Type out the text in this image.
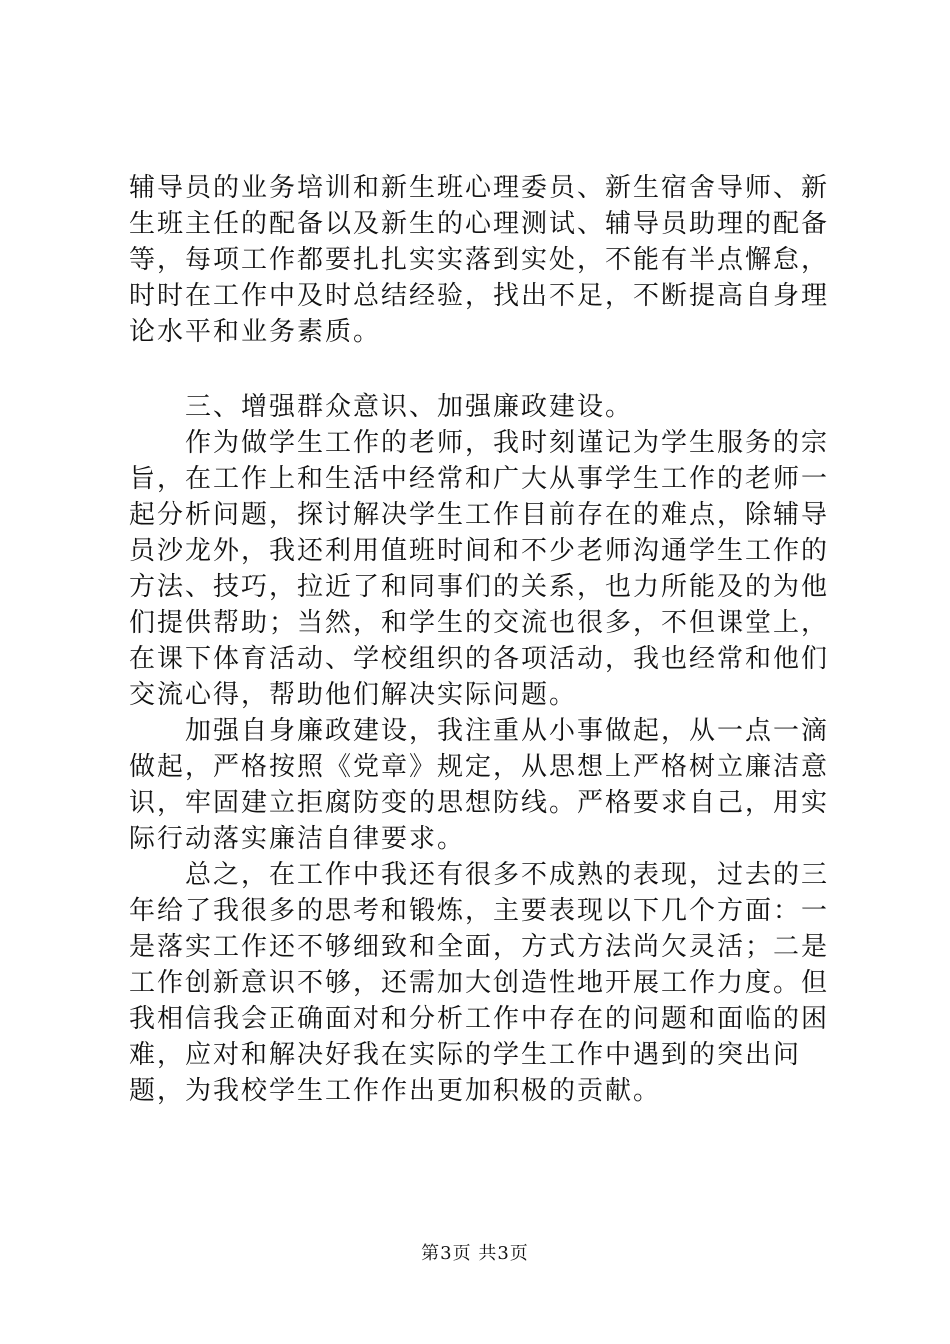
辅导员的业务培训和新生班心理委员、新生宿舍导师、新生班主任的配备以及新生的心理测试、辅导员助理的配备等，每项工作都要扎扎实实落到实处，不能有半点懈怠，时时在工作中及时总结经验，找出不足，不断提高自身理论水平和业务素质。

　　三、增强群众意识、加强廉政建设。

　　作为做学生工作的老师，我时刻谨记为学生服务的宗旨，在工作上和生活中经常和广大从事学生工作的老师一起分析问题，探讨解决学生工作目前存在的难点，除辅导员沙龙外，我还利用值班时间和不少老师沟通学生工作的方法、技巧，拉近了和同事们的关系，也力所能及的为他们提供帮助；当然，和学生的交流也很多，不但课堂上，在课下体育活动、学校组织的各项活动，我也经常和他们交流心得，帮助他们解决实际问题。

　　加强自身廉政建设，我注重从小事做起，从一点一滴做起，严格按照《党章》规定，从思想上严格树立廉洁意识，牢固建立拒腐防变的思想防线。严格要求自己，用实际行动落实廉洁自律要求。

　　总之，在工作中我还有很多不成熟的表现，过去的三年给了我很多的思考和锻炼，主要表现以下几个方面：一是落实工作还不够细致和全面，方式方法尚欠灵活；二是工作创新意识不够，还需加大创造性地开展工作力度。但我相信我会正确面对和分析工作中存在的问题和面临的困难，应对和解决好我在实际的学生工作中遇到的突出问题，为我校学生工作作出更加积极的贡献。

第3页 共3页
